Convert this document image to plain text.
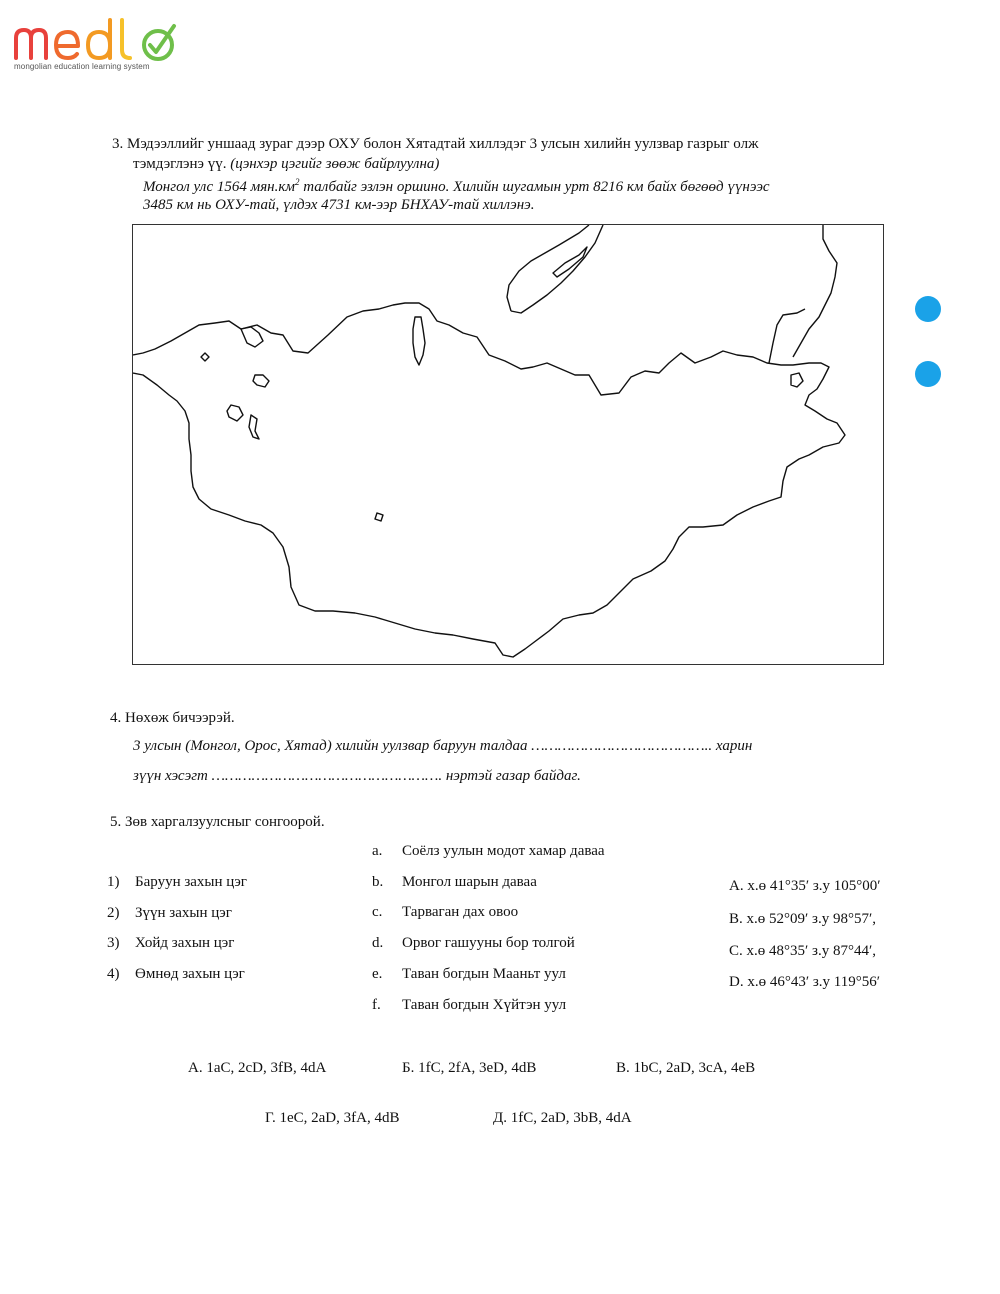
mongolian education learning system
3. Мэдээллийг уншаад зураг дээр ОХУ болон Хятадтай хиллэдэг 3 улсын хилийн уулзвар газрыг олж
тэмдэглэнэ үү. (цэнхэр цэгийг зөөж байрлуулна)
Монгол улс 1564 $мян.км^2$ талбайг эзлэн оршино. Хилийн шугамын урт 8216 км байх бөгөөд үүнээс
3485 км нь ОХУ-тай, үлдэх 4731 км-ээр БНХАУ-тай хиллэнэ.
4. Нөхөж бичээрэй.
3 улсын (Монгол, Орос, Хятад) хилийн уулзвар баруун талдаа ………………………………….. харин
зүүн хэсэгт ……………………………………………. нэртэй газар байдаг.
5. Зөв харгалзуулсныг сонгоорой.
a. Соёлз уулын модот хамар даваа
b. Монгол шарын даваа
c. Тарваган дах овоо
d. Орвог гашууны бор толгой
e. Таван богдын Мааньт уул
f. Таван богдын Хүйтэн уул
1) Баруун захын цэг
2) Зүүн захын цэг
3) Хойд захын цэг
4) Өмнөд захын цэг
A. х.ө 41°35′ з.у 105°00′
B. х.ө 52°09′ з.у 98°57′,
C. х.ө 48°35′ з.у 87°44′,
D. х.ө 46°43′ з.у 119°56′
А. 1аC, 2cD, 3fB, 4dA	Б. 1fC, 2fA, 3eD, 4dB	В. 1bC, 2aD, 3cA, 4eB
Г. 1eC, 2aD, 3fA, 4dB	Д. 1fC, 2aD, 3bB, 4dA
